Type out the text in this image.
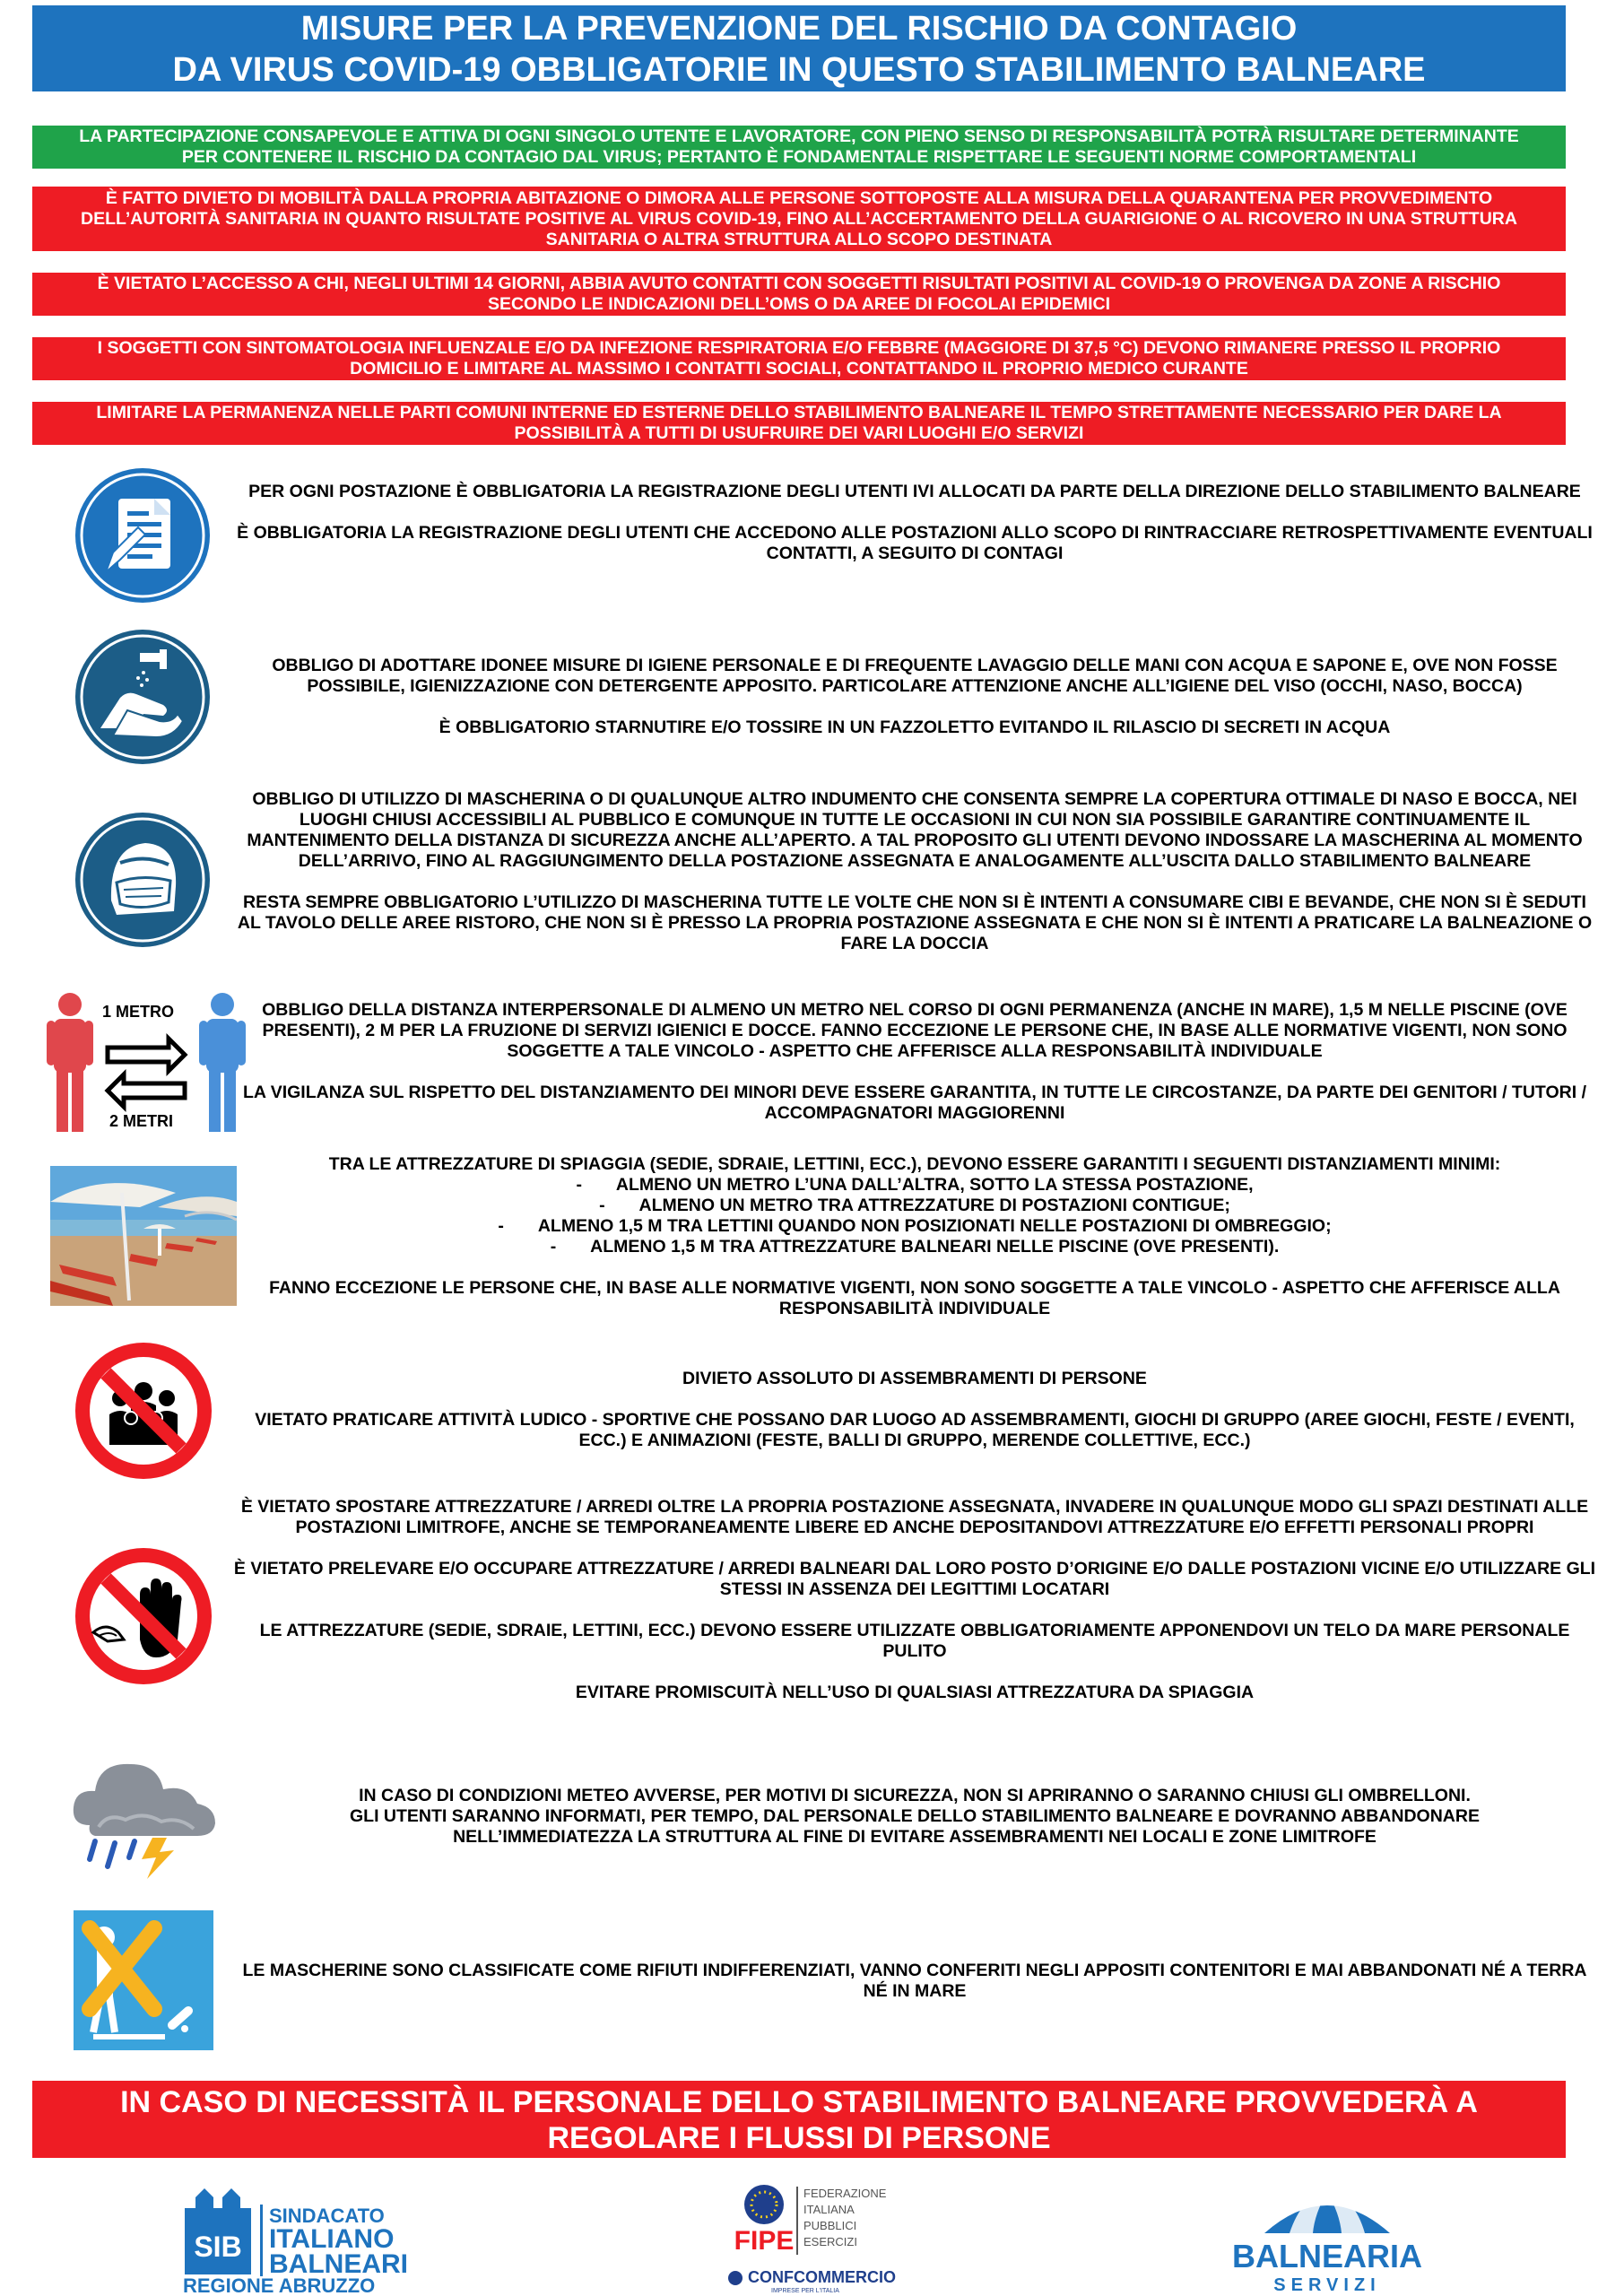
MISURE PER LA PREVENZIONE DEL RISCHIO DA CONTAGIO
DA VIRUS COVID-19 OBBLIGATORIE IN QUESTO STABILIMENTO BALNEARE
LA PARTECIPAZIONE CONSAPEVOLE E ATTIVA DI OGNI SINGOLO UTENTE E LAVORATORE, CON PIENO SENSO DI RESPONSABILITÀ POTRÀ RISULTARE DETERMINANTE
PER CONTENERE IL RISCHIO DA CONTAGIO DAL VIRUS; PERTANTO È FONDAMENTALE RISPETTARE LE SEGUENTI NORME COMPORTAMENTALI
È FATTO DIVIETO DI MOBILITÀ DALLA PROPRIA ABITAZIONE O DIMORA ALLE PERSONE SOTTOPOSTE ALLA MISURA DELLA QUARANTENA PER PROVVEDIMENTO
DELL’AUTORITÀ SANITARIA IN QUANTO RISULTATE POSITIVE AL VIRUS COVID-19, FINO ALL’ACCERTAMENTO DELLA GUARIGIONE O AL RICOVERO IN UNA STRUTTURA
SANITARIA O ALTRA STRUTTURA ALLO SCOPO DESTINATA
È VIETATO L’ACCESSO A CHI, NEGLI ULTIMI 14 GIORNI, ABBIA AVUTO CONTATTI CON SOGGETTI RISULTATI POSITIVI AL COVID-19 O PROVENGA DA ZONE A RISCHIO
SECONDO LE INDICAZIONI DELL’OMS O DA AREE DI FOCOLAI EPIDEMICI
I SOGGETTI CON SINTOMATOLOGIA INFLUENZALE E/O DA INFEZIONE RESPIRATORIA E/O FEBBRE (MAGGIORE DI 37,5 °C) DEVONO RIMANERE PRESSO IL PROPRIO
DOMICILIO E LIMITARE AL MASSIMO I CONTATTI SOCIALI, CONTATTANDO IL PROPRIO MEDICO CURANTE
LIMITARE LA PERMANENZA NELLE PARTI COMUNI INTERNE ED ESTERNE DELLO STABILIMENTO BALNEARE IL TEMPO STRETTAMENTE NECESSARIO PER DARE LA
POSSIBILITÀ A TUTTI DI USUFRUIRE DEI VARI LUOGHI E/O SERVIZI

PER OGNI POSTAZIONE È OBBLIGATORIA LA REGISTRAZIONE DEGLI UTENTI IVI ALLOCATI DA PARTE DELLA DIREZIONE DELLO STABILIMENTO BALNEARE

È OBBLIGATORIA LA REGISTRAZIONE DEGLI UTENTI CHE ACCEDONO ALLE POSTAZIONI ALLO SCOPO DI RINTRACCIARE RETROSPETTIVAMENTE EVENTUALI CONTATTI, A SEGUITO DI CONTAGI

OBBLIGO DI ADOTTARE IDONEE MISURE DI IGIENE PERSONALE E DI FREQUENTE LAVAGGIO DELLE MANI CON ACQUA E SAPONE E, OVE NON FOSSE POSSIBILE, IGIENIZZAZIONE CON DETERGENTE APPOSITO. PARTICOLARE ATTENZIONE ANCHE ALL’IGIENE DEL VISO (OCCHI, NASO, BOCCA)

È OBBLIGATORIO STARNUTIRE E/O TOSSIRE IN UN FAZZOLETTO EVITANDO IL RILASCIO DI SECRETI IN ACQUA

OBBLIGO DI UTILIZZO DI MASCHERINA O DI QUALUNQUE ALTRO INDUMENTO CHE CONSENTA SEMPRE LA COPERTURA OTTIMALE DI NASO E BOCCA, NEI LUOGHI CHIUSI ACCESSIBILI AL PUBBLICO E COMUNQUE IN TUTTE LE OCCASIONI IN CUI NON SIA POSSIBILE GARANTIRE CONTINUAMENTE IL MANTENIMENTO DELLA DISTANZA DI SICUREZZA ANCHE ALL’APERTO. A TAL PROPOSITO GLI UTENTI DEVONO INDOSSARE LA MASCHERINA AL MOMENTO DELL’ARRIVO, FINO AL RAGGIUNGIMENTO DELLA POSTAZIONE ASSEGNATA E ANALOGAMENTE ALL’USCITA DALLO STABILIMENTO BALNEARE

RESTA SEMPRE OBBLIGATORIO L’UTILIZZO DI MASCHERINA TUTTE LE VOLTE CHE NON SI È INTENTI A CONSUMARE CIBI E BEVANDE, CHE NON SI È SEDUTI AL TAVOLO DELLE AREE RISTORO, CHE NON SI È PRESSO LA PROPRIA POSTAZIONE ASSEGNATA E CHE NON SI È INTENTI A PRATICARE LA BALNEAZIONE O FARE LA DOCCIA

1 METRO
2 METRI

OBBLIGO DELLA DISTANZA INTERPERSONALE DI ALMENO UN METRO NEL CORSO DI OGNI PERMANENZA (ANCHE IN MARE), 1,5 M NELLE PISCINE (OVE PRESENTI), 2 M PER LA FRUZIONE DI SERVIZI IGIENICI E DOCCE. FANNO ECCEZIONE LE PERSONE CHE, IN BASE ALLE NORMATIVE VIGENTI, NON SONO SOGGETTE A TALE VINCOLO - ASPETTO CHE AFFERISCE ALLA RESPONSABILITÀ INDIVIDUALE

LA VIGILANZA SUL RISPETTO DEL DISTANZIAMENTO DEI MINORI DEVE ESSERE GARANTITA, IN TUTTE LE CIRCOSTANZE, DA PARTE DEI GENITORI / TUTORI / ACCOMPAGNATORI MAGGIORENNI

TRA LE ATTREZZATURE DI SPIAGGIA (SEDIE, SDRAIE, LETTINI, ECC.), DEVONO ESSERE GARANTITI I SEGUENTI DISTANZIAMENTI MINIMI:

-       ALMENO UN METRO L’UNA DALL’ALTRA, SOTTO LA STESSA POSTAZIONE,
-       ALMENO UN METRO TRA ATTREZZATURE DI POSTAZIONI CONTIGUE;
-       ALMENO 1,5 M TRA LETTINI QUANDO NON POSIZIONATI NELLE POSTAZIONI DI OMBREGGIO;
-       ALMENO 1,5 M TRA ATTREZZATURE BALNEARI NELLE PISCINE (OVE PRESENTI).

FANNO ECCEZIONE LE PERSONE CHE, IN BASE ALLE NORMATIVE VIGENTI, NON SONO SOGGETTE A TALE VINCOLO - ASPETTO CHE AFFERISCE ALLA RESPONSABILITÀ INDIVIDUALE

DIVIETO ASSOLUTO DI ASSEMBRAMENTI DI PERSONE

VIETATO PRATICARE ATTIVITÀ LUDICO - SPORTIVE CHE POSSANO DAR LUOGO AD ASSEMBRAMENTI, GIOCHI DI GRUPPO (AREE GIOCHI, FESTE / EVENTI, ECC.) E ANIMAZIONI (FESTE, BALLI DI GRUPPO, MERENDE COLLETTIVE, ECC.)

È VIETATO SPOSTARE ATTREZZATURE / ARREDI OLTRE LA PROPRIA POSTAZIONE ASSEGNATA, INVADERE IN QUALUNQUE MODO GLI SPAZI DESTINATI ALLE POSTAZIONI LIMITROFE, ANCHE SE TEMPORANEAMENTE LIBERE ED ANCHE DEPOSITANDOVI ATTREZZATURE E/O EFFETTI PERSONALI PROPRI

È VIETATO PRELEVARE E/O OCCUPARE ATTREZZATURE / ARREDI BALNEARI DAL LORO POSTO D’ORIGINE E/O DALLE POSTAZIONI VICINE E/O UTILIZZARE GLI STESSI IN ASSENZA DEI LEGITTIMI LOCATARI

LE ATTREZZATURE (SEDIE, SDRAIE, LETTINI, ECC.) DEVONO ESSERE UTILIZZATE OBBLIGATORIAMENTE APPONENDOVI UN TELO DA MARE PERSONALE PULITO

EVITARE PROMISCUITÀ NELL’USO DI QUALSIASI ATTREZZATURA DA SPIAGGIA

IN CASO DI CONDIZIONI METEO AVVERSE, PER MOTIVI DI SICUREZZA, NON SI APRIRANNO O SARANNO CHIUSI GLI OMBRELLONI.
GLI UTENTI SARANNO INFORMATI, PER TEMPO, DAL PERSONALE DELLO STABILIMENTO BALNEARE E DOVRANNO ABBANDONARE
NELL’IMMEDIATEZZA LA STRUTTURA AL FINE DI EVITARE ASSEMBRAMENTI NEI LOCALI E ZONE LIMITROFE

LE MASCHERINE SONO CLASSIFICATE COME RIFIUTI INDIFFERENZIATI, VANNO CONFERITI NEGLI APPOSITI CONTENITORI E MAI ABBANDONATI NÉ A TERRA NÉ IN MARE

IN CASO DI NECESSITÀ IL PERSONALE DELLO STABILIMENTO BALNEARE PROVVEDERÀ A
REGOLARE I FLUSSI DI PERSONE
SIB
SINDACATO
ITALIANO
BALNEARI
REGIONE ABRUZZO
FIPE
FEDERAZIONE
ITALIANA
PUBBLICI
ESERCIZI
CONFCOMMERCIO
IMPRESE PER L'ITALIA
BALNEARIA
SERVIZI
